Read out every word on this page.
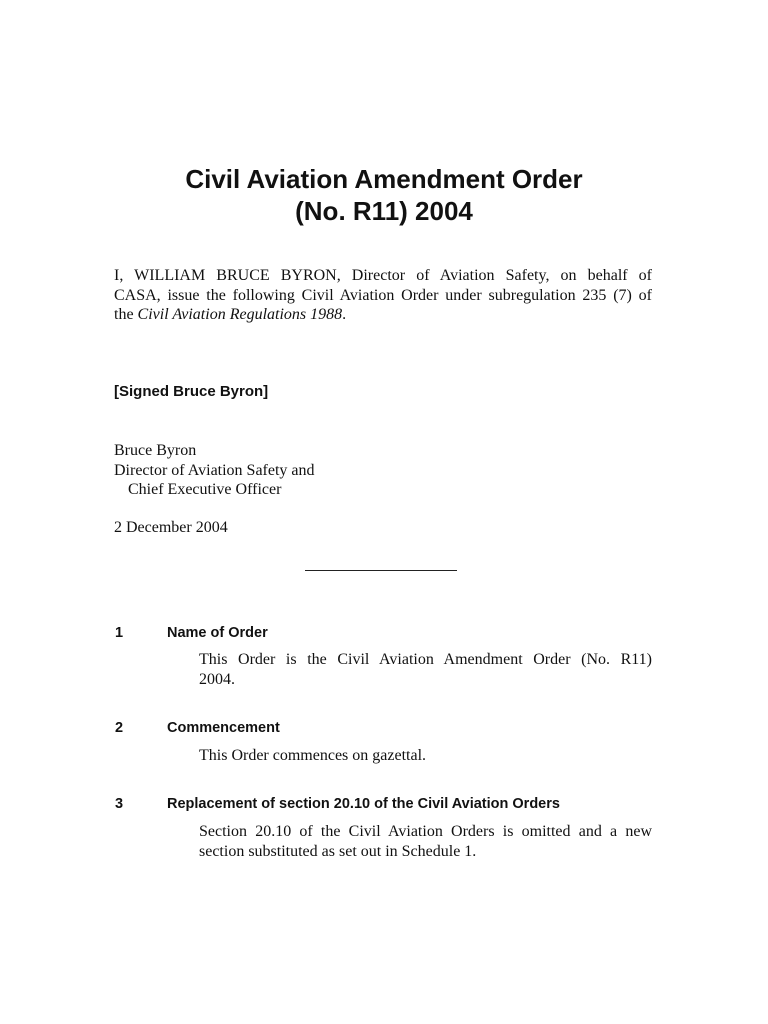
Civil Aviation Amendment Order
(No. R11) 2004
I, WILLIAM BRUCE BYRON, Director of Aviation Safety, on behalf of
CASA, issue the following Civil Aviation Order under subregulation 235 (7) of
the Civil Aviation Regulations 1988.
[Signed Bruce Byron]
Bruce Byron
Director of Aviation Safety and
Chief Executive Officer
2 December 2004
1	Name of Order
This Order is the Civil Aviation Amendment Order (No. R11)
2004.
2	Commencement
This Order commences on gazettal.
3	Replacement of section 20.10 of the Civil Aviation Orders
Section 20.10 of the Civil Aviation Orders is omitted and a new
section substituted as set out in Schedule 1.
